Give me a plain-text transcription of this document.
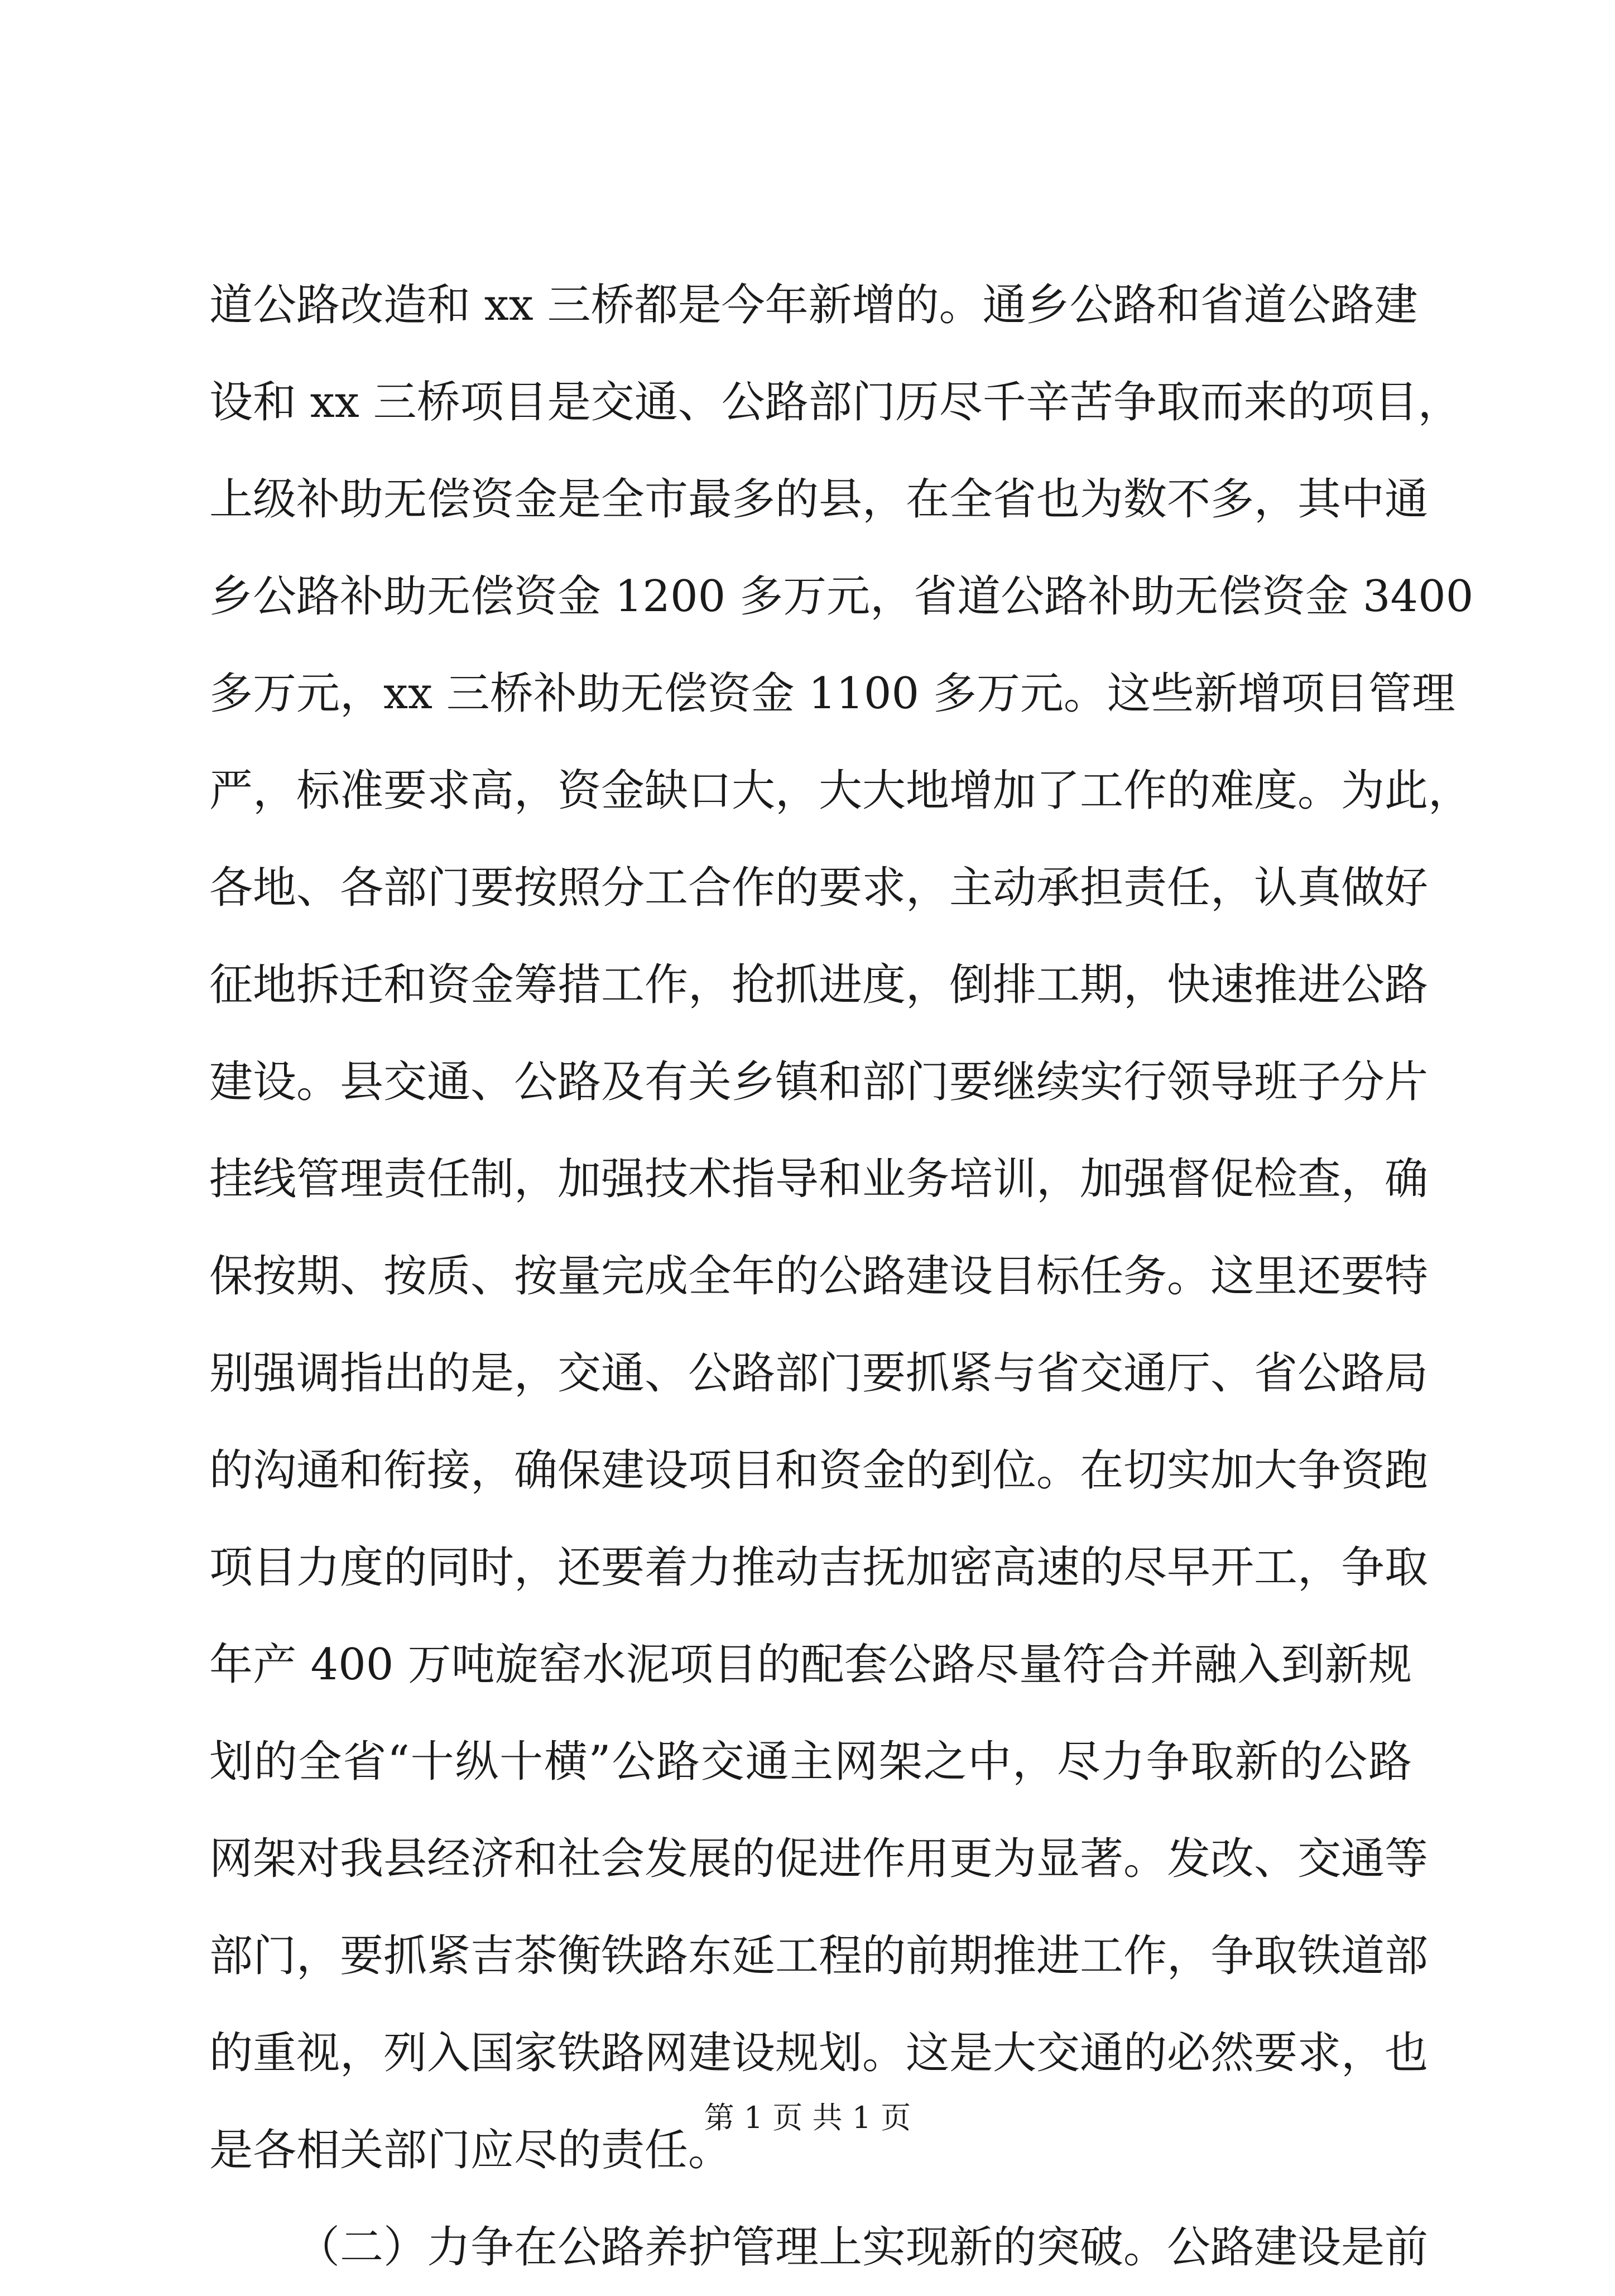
道公路改造和 xx 三桥都是今年新增的。通乡公路和省道公路建
设和 xx 三桥项目是交通、公路部门历尽千辛苦争取而来的项目，
上级补助无偿资金是全市最多的县，在全省也为数不多，其中通
乡公路补助无偿资金 1200 多万元，省道公路补助无偿资金 3400
多万元，xx 三桥补助无偿资金 1100 多万元。这些新增项目管理
严，标准要求高，资金缺口大，大大地增加了工作的难度。为此，
各地、各部门要按照分工合作的要求，主动承担责任，认真做好
征地拆迁和资金筹措工作，抢抓进度，倒排工期，快速推进公路
建设。县交通、公路及有关乡镇和部门要继续实行领导班子分片
挂线管理责任制，加强技术指导和业务培训，加强督促检查，确
保按期、按质、按量完成全年的公路建设目标任务。这里还要特
别强调指出的是，交通、公路部门要抓紧与省交通厅、省公路局
的沟通和衔接，确保建设项目和资金的到位。在切实加大争资跑
项目力度的同时，还要着力推动吉抚加密高速的尽早开工，争取
年产 400 万吨旋窑水泥项目的配套公路尽量符合并融入到新规
划的全省“十纵十横”公路交通主网架之中，尽力争取新的公路
网架对我县经济和社会发展的促进作用更为显著。发改、交通等
部门，要抓紧吉茶衡铁路东延工程的前期推进工作，争取铁道部
的重视，列入国家铁路网建设规划。这是大交通的必然要求，也
是各相关部门应尽的责任。
（二）力争在公路养护管理上实现新的突破。公路建设是前
第 1 页 共 1 页
